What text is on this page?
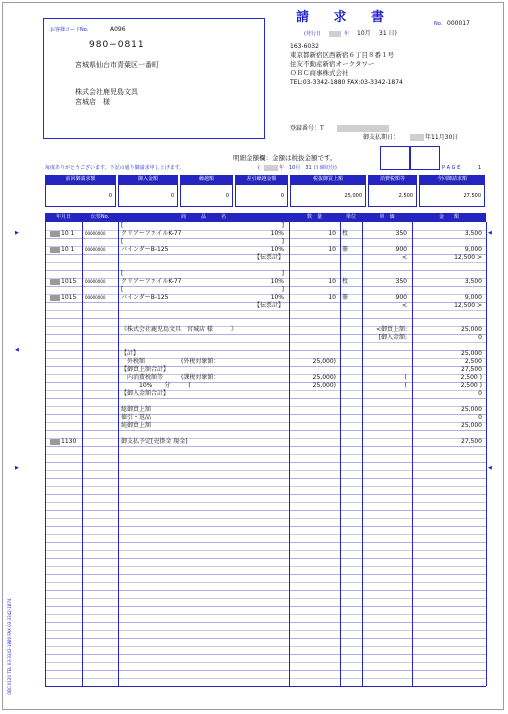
お客様コードNo.	A096
980−0811
宮城県仙台市青葉区一番町
株式会社鹿児島文具
宮城店　様
請 求 書	No. 000017
(発行日	年 10月 31 日)
163-6032
東京都新宿区西新宿６丁目８番１号
住友不動産新宿オークタワー
ＯＢＣ商事株式会社
TEL:03-3342-1880 FAX:03-3342-1874
登録番号：T
御支払期日：	年11月30日
明細金額欄：金額は税抜金額です。
毎度ありがとうございます。下記の通り御請求申し上げます。	(	年　10月　31 日 締切分)	P A G E	1
前回御請求額
0
御入金額
0
繰越額
0
差引繰越金額
0
税抜御買上額
25,000
消費税額等
2,500
今回御請求額
27,500
年月日	伝票No.	商　　　品　　　名	数　量	単位	単　価	金　　額
[	]
10 1	00000000	クリアーファイルK-77	10%	10 枚	350	3,500
[	]
10 1	00000000	バインダーB-125	10%	10 冊	900	9,000
【伝票計】	<	12,500 >
[	]
1015	00000000	クリアーファイルK-77	10%	10 枚	350	3,500
[	]
1015	00000000	バインダーB-125	10%	10 冊	900	9,000
【伝票計】	<	12,500 >
《株式会社鹿児島文具　宮城店 様　　　》	<御買上額:	25,000
[御入金額:	0
【計】	25,000
　外税額　　　　　　(外税対象額：	25,000)	2,500
【御買上額合計】	27,500
　内消費税額等　　　(課税対象額：	25,000)	(	2,500 )
　　　10%　　分　　　(	25,000)	(	2,500 )
【御入金額合計】	0
総御買上額	25,000
値引・返品	0
純御買上額	25,000
1130	御支払予定[売掛金 現金]	27,500
▶
◀
▶
◀
◀
OBC 0120 TEL 03-3342-1880 FAX 03-3342-1874
